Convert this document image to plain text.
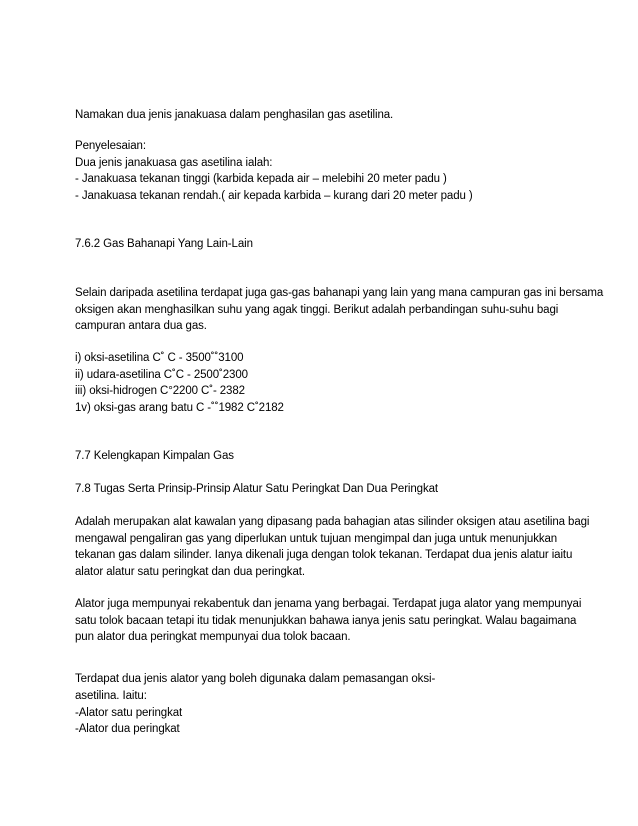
Namakan dua jenis janakuasa dalam penghasilan gas asetilina.
Penyelesaian:
Dua jenis janakuasa gas asetilina ialah:
- Janakuasa tekanan tinggi (karbida kepada air – melebihi 20 meter padu )
- Janakuasa tekanan rendah.( air kepada karbida – kurang dari 20 meter padu )
7.6.2 Gas Bahanapi Yang Lain-Lain
Selain daripada asetilina terdapat juga gas-gas bahanapi yang lain yang mana campuran gas ini bersama
oksigen akan menghasilkan suhu yang agak tinggi. Berikut adalah perbandingan suhu-suhu bagi
campuran antara dua gas.
i) oksi-asetilina C˚ C - 3500˚˚3100
ii) udara-asetilina C˚C - 2500˚2300
iii) oksi-hidrogen C°2200 C˚- 2382
1v) oksi-gas arang batu C -˚˚1982 C˚2182
7.7 Kelengkapan Kimpalan Gas
7.8 Tugas Serta Prinsip-Prinsip Alatur Satu Peringkat Dan Dua Peringkat
Adalah merupakan alat kawalan yang dipasang pada bahagian atas silinder oksigen atau asetilina bagi
mengawal pengaliran gas yang diperlukan untuk tujuan mengimpal dan juga untuk menunjukkan
tekanan gas dalam silinder. Ianya dikenali juga dengan tolok tekanan. Terdapat dua jenis alatur iaitu
alator alatur satu peringkat dan dua peringkat.
Alator juga mempunyai rekabentuk dan jenama yang berbagai. Terdapat juga alator yang mempunyai
satu tolok bacaan tetapi itu tidak menunjukkan bahawa ianya jenis satu peringkat. Walau bagaimana
pun alator dua peringkat mempunyai dua tolok bacaan.
Terdapat dua jenis alator yang boleh digunaka dalam pemasangan oksi-
asetilina. Iaitu:
-Alator satu peringkat
-Alator dua peringkat
